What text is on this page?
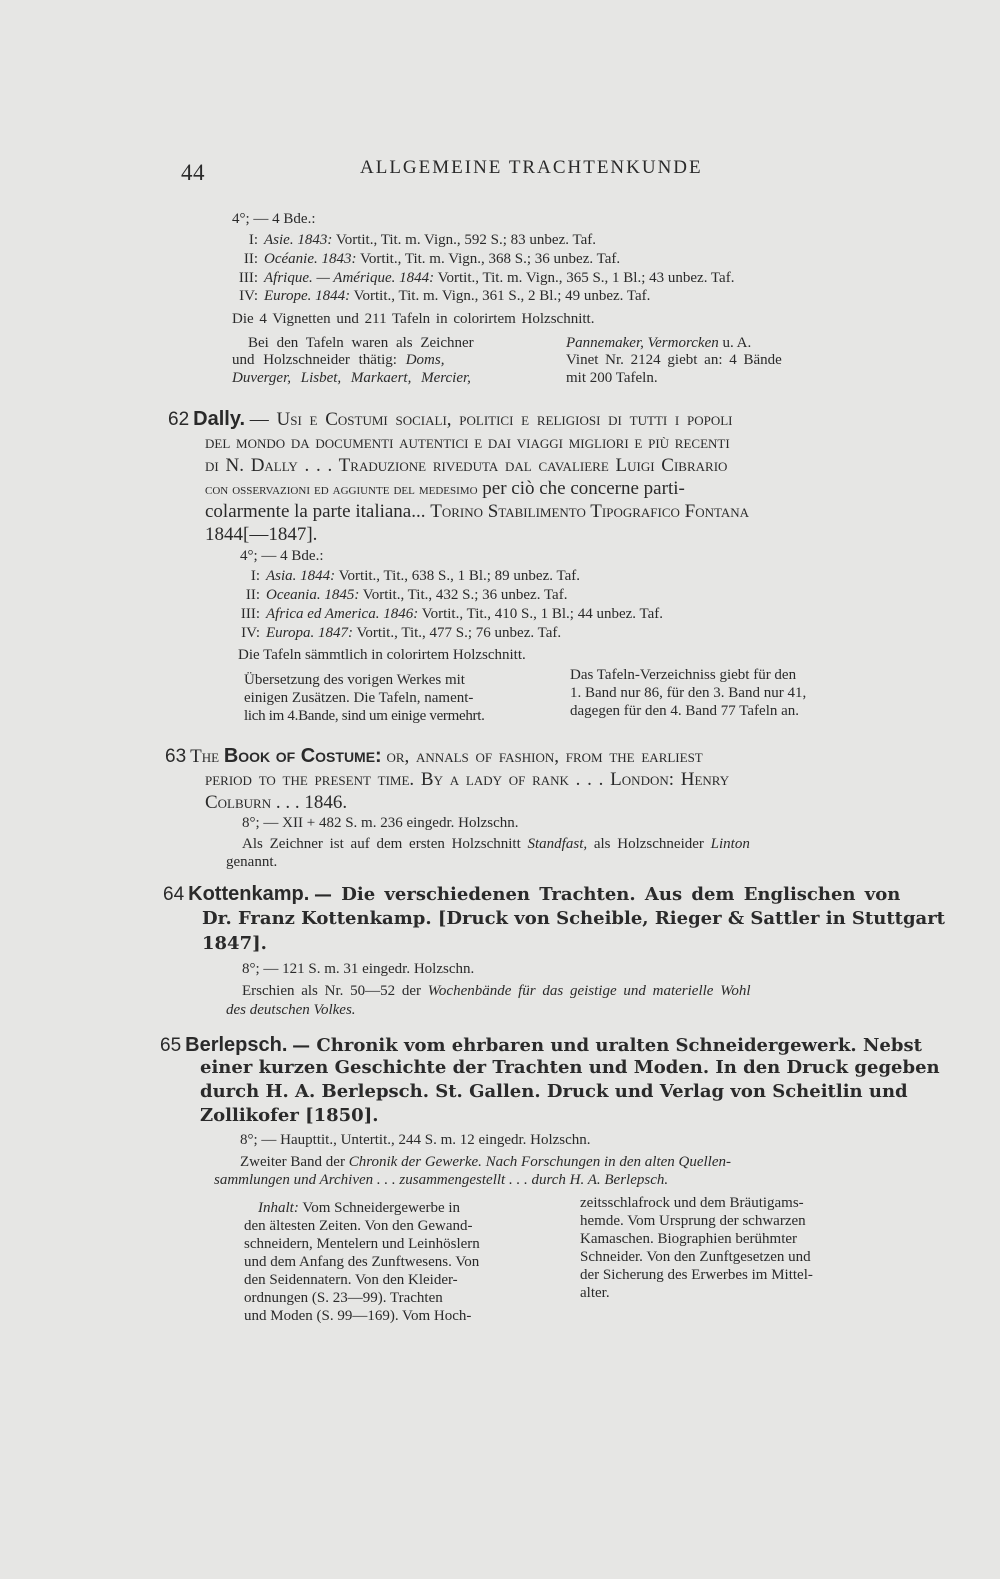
44	ALLGEMEINE TRACHTENKUNDE
4°; — 4 Bde.:
I: Asie. 1843: Vortit., Tit. m. Vign., 592 S.; 83 unbez. Taf.
II: Océanie. 1843: Vortit., Tit. m. Vign., 368 S.; 36 unbez. Taf.
III: Afrique. — Amérique. 1844: Vortit., Tit. m. Vign., 365 S., 1 Bl.; 43 unbez. Taf.
IV: Europe. 1844: Vortit., Tit. m. Vign., 361 S., 2 Bl.; 49 unbez. Taf.
Die 4 Vignetten und 211 Tafeln in colorirtem Holzschnitt.
Bei den Tafeln waren als Zeichner
und Holzschneider thätig: Doms,
Duverger, Lisbet, Markaert, Mercier,
Pannemaker, Vermorcken u. A.
Vinet Nr. 2124 giebt an: 4 Bände
mit 200 Tafeln.
62 Dally. — Usi e Costumi sociali, politici e religiosi di tutti i popoli
del mondo da documenti autentici e dai viaggi migliori e più recenti
di N. Dally . . . Traduzione riveduta dal cavaliere Luigi Cibrario
con osservazioni ed aggiunte del medesimo per ciò che concerne parti-
colarmente la parte italiana... Torino Stabilimento Tipografico Fontana
1844[—1847].
4°; — 4 Bde.:
I: Asia. 1844: Vortit., Tit., 638 S., 1 Bl.; 89 unbez. Taf.
II: Oceania. 1845: Vortit., Tit., 432 S.; 36 unbez. Taf.
III: Africa ed America. 1846: Vortit., Tit., 410 S., 1 Bl.; 44 unbez. Taf.
IV: Europa. 1847: Vortit., Tit., 477 S.; 76 unbez. Taf.
Die Tafeln sämmtlich in colorirtem Holzschnitt.
Übersetzung des vorigen Werkes mit
einigen Zusätzen. Die Tafeln, nament-
lich im 4.Bande, sind um einige vermehrt.
Das Tafeln-Verzeichniss giebt für den
1. Band nur 86, für den 3. Band nur 41,
dagegen für den 4. Band 77 Tafeln an.
63 The Book of Costume: or, annals of fashion, from the earliest
period to the present time. By a lady of rank . . . London: Henry
Colburn . . . 1846.
8°; — XII + 482 S. m. 236 eingedr. Holzschn.
Als Zeichner ist auf dem ersten Holzschnitt Standfast, als Holzschneider Linton
genannt.
64 Kottenkamp. — Die verschiedenen Trachten. Aus dem Englischen von
Dr. Franz Kottenkamp. [Druck von Scheible, Rieger & Sattler in Stuttgart
1847].
8°; — 121 S. m. 31 eingedr. Holzschn.
Erschien als Nr. 50—52 der Wochenbände für das geistige und materielle Wohl
des deutschen Volkes.
65 Berlepsch. — Chronik vom ehrbaren und uralten Schneidergewerk. Nebst
einer kurzen Geschichte der Trachten und Moden. In den Druck gegeben
durch H. A. Berlepsch. St. Gallen. Druck und Verlag von Scheitlin und
Zollikofer [1850].
8°; — Haupttit., Untertit., 244 S. m. 12 eingedr. Holzschn.
Zweiter Band der Chronik der Gewerke. Nach Forschungen in den alten Quellen-
sammlungen und Archiven . . . zusammengestellt . . . durch H. A. Berlepsch.
Inhalt: Vom Schneidergewerbe in
den ältesten Zeiten. Von den Gewand-
schneidern, Mentelern und Leinhöslern
und dem Anfang des Zunftwesens. Von
den Seidennatern. Von den Kleider-
ordnungen (S. 23—99). Trachten
und Moden (S. 99—169). Vom Hoch-
zeitsschlafrock und dem Bräutigams-
hemde. Vom Ursprung der schwarzen
Kamaschen. Biographien berühmter
Schneider. Von den Zunftgesetzen und
der Sicherung des Erwerbes im Mittel-
alter.
